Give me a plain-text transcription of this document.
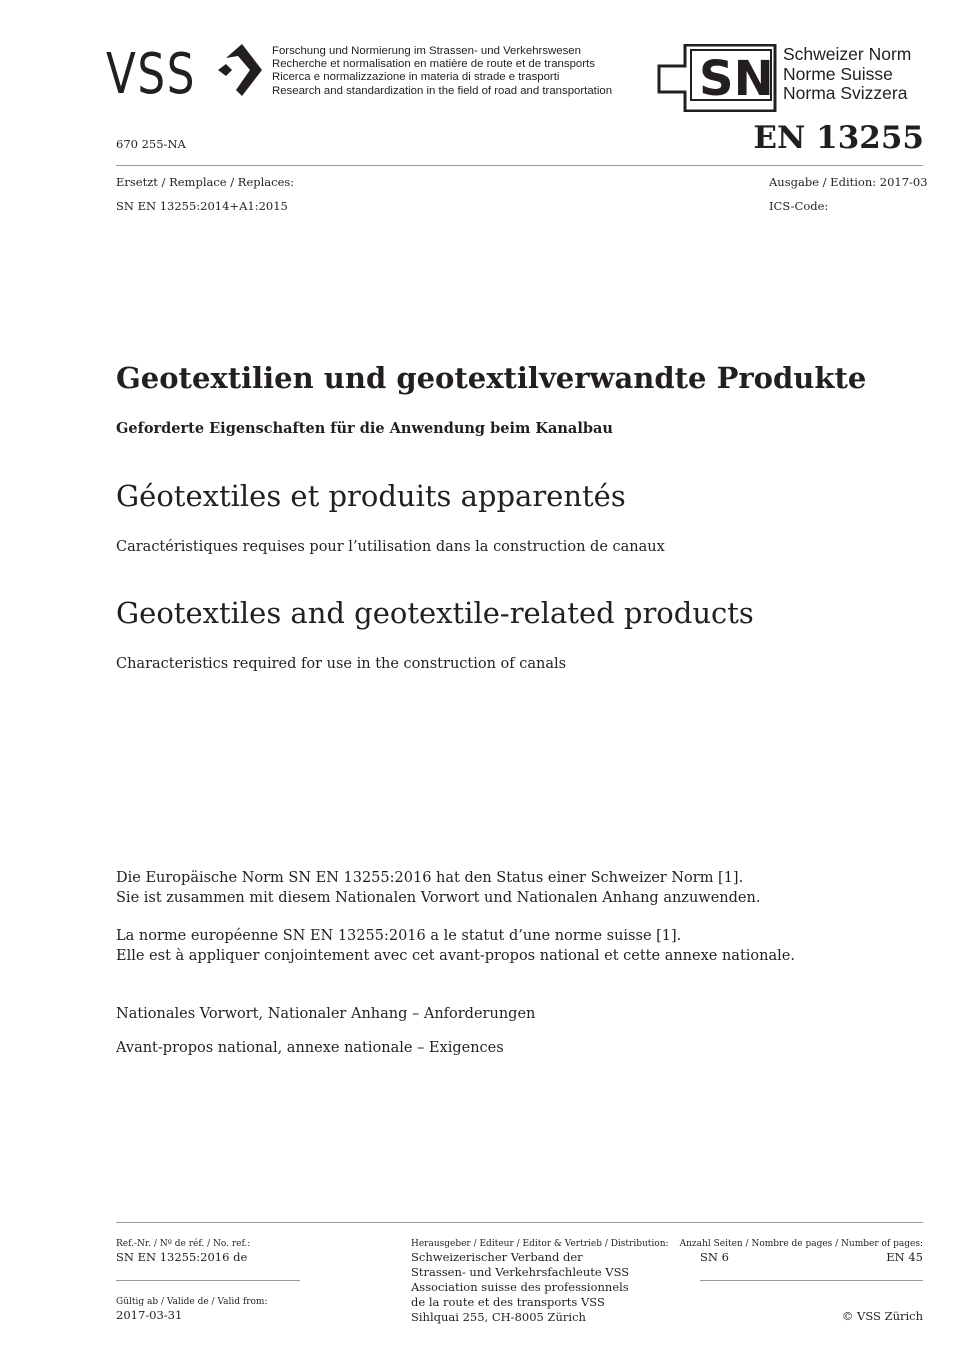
VSS	Forschung und Normierung im Strassen- und Verkehrswesen
Recherche et normalisation en matière de route et de transports
Ricerca e normalizzazione in materia di strade e trasporti
Research and standardization in the field of road and transportation SN Schweizer Norm
Norme Suisse
Norma Svizzera
670 255-NA	EN 13255
Ersetzt / Remplace / Replaces:
SN EN 13255:2014+A1:2015
Ausgabe / Edition: 2017-03
ICS-Code:
Geotextilien und geotextilverwandte Produkte
Geforderte Eigenschaften für die Anwendung beim Kanalbau
Géotextiles et produits apparentés
Caractéristiques requises pour l’utilisation dans la construction de canaux
Geotextiles and geotextile-related products
Characteristics required for use in the construction of canals
Die Europäische Norm SN EN 13255:2016 hat den Status einer Schweizer Norm [1].
Sie ist zusammen mit diesem Nationalen Vorwort und Nationalen Anhang anzuwenden.
La norme européenne SN EN 13255:2016 a le statut d’une norme suisse [1].
Elle est à appliquer conjointement avec cet avant-propos national et cette annexe nationale.
Nationales Vorwort, Nationaler Anhang – Anforderungen
Avant-propos national, annexe nationale – Exigences
Ref.-Nr. / Nº de réf. / No. ref.:
SN EN 13255:2016 de
Gültig ab / Valide de / Valid from:
2017-03-31
Herausgeber / Editeur / Editor & Vertrieb / Distribution:
Schweizerischer Verband der
Strassen- und Verkehrsfachleute VSS
Association suisse des professionnels
de la route et des transports VSS
Sihlquai 255, CH-8005 Zürich
Anzahl Seiten / Nombre de pages / Number of pages:
SN 6	EN 45
© VSS Zürich
